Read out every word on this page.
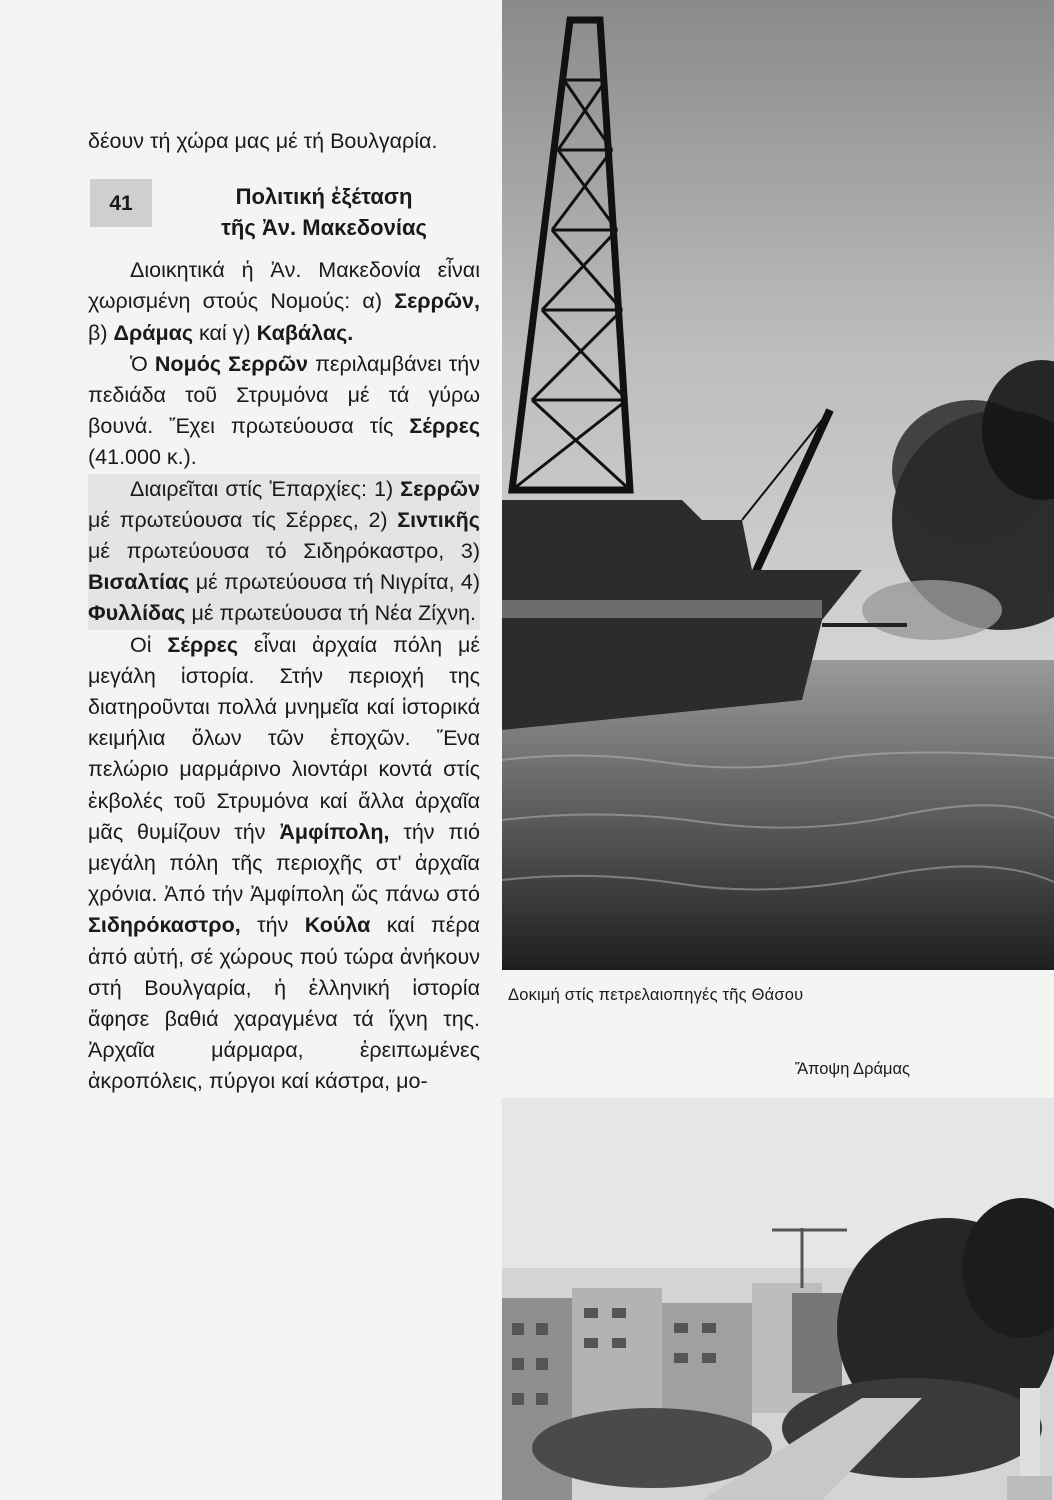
δέουν τή χώρα μας μέ τή Βουλγαρία.

41	Πολιτική ἐξέταση
τῆς Ἀν. Μακεδονίας

Διοικητικά ἡ Ἀν. Μακεδονία εἶναι χωρισμένη στούς Νομούς: α) Σερρῶν, β) Δράμας καί γ) Καβάλας.

Ὁ Νομός Σερρῶν περιλαμβάνει τήν πεδιάδα τοῦ Στρυμόνα μέ τά γύρω βουνά. Ἔχει πρωτεύουσα τίς Σέρρες (41.000 κ.).

Διαιρεῖται στίς Ἐπαρχίες: 1) Σερρῶν μέ πρωτεύουσα τίς Σέρρες, 2) Σιντικῆς μέ πρωτεύουσα τό Σιδηρόκαστρο, 3) Βισαλτίας μέ πρωτεύουσα τή Νιγρίτα, 4) Φυλλίδας μέ πρωτεύουσα τή Νέα Ζίχνη.

Οἱ Σέρρες εἶναι ἀρχαία πόλη μέ μεγάλη ἱστορία. Στήν περιοχή της διατηροῦνται πολλά μνημεῖα καί ἱστορικά κειμήλια ὅλων τῶν ἐποχῶν. Ἕνα πελώριο μαρμάρινο λιοντάρι κοντά στίς ἐκβολές τοῦ Στρυμόνα καί ἄλλα ἀρχαῖα μᾶς θυμίζουν τήν Ἀμφίπολη, τήν πιό μεγάλη πόλη τῆς περιοχῆς στ' ἀρχαῖα χρόνια. Ἀπό τήν Ἀμφίπολη ὥς πάνω στό Σιδηρόκαστρο, τήν Κούλα καί πέρα ἀπό αὐτή, σέ χώρους πού τώρα ἀνήκουν στή Βουλγαρία, ἡ ἑλληνική ἱστορία ἄφησε βαθιά χαραγμένα τά ἴχνη της. Ἀρχαῖα μάρμαρα, ἐρειπωμένες ἀκροπόλεις, πύργοι καί κάστρα, μο-

Δοκιμή στίς πετρελαιοπηγές τῆς Θάσου
Ἄποψη Δράμας
